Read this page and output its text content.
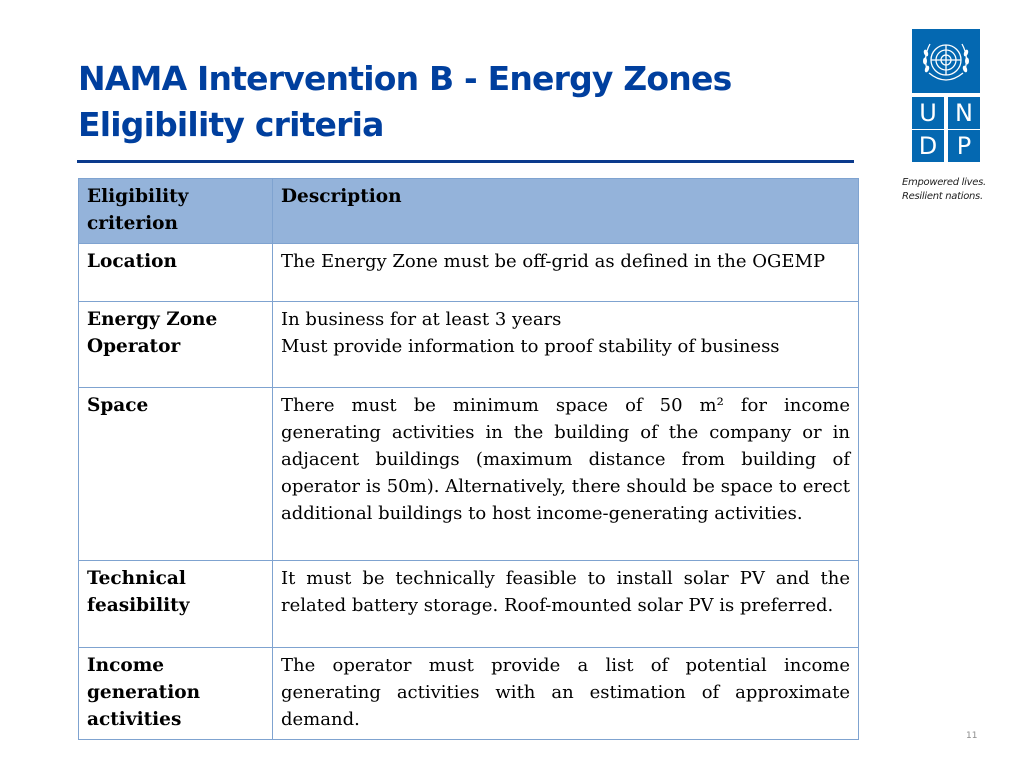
NAMA Intervention B - Energy Zones
Eligibility criteria	U N
D P
Empowered lives.
Resilient nations.
Eligibility criterion	Description
Location	The Energy Zone must be off-grid as defined in the OGEMP
Energy Zone Operator	In business for at least 3 years
Must provide information to proof stability of business

Space	There must be minimum space of 50 m² for income generating activities in the building of the company or in adjacent buildings (maximum distance from building of operator is 50m). Alternatively, there should be space to erect additional buildings to host income-generating activities.
Technical feasibility	It must be technically feasible to install solar PV and the related battery storage. Roof-mounted solar PV is preferred.
Income generation activities	The operator must provide a list of potential income generating activities with an estimation of approximate demand.
11
